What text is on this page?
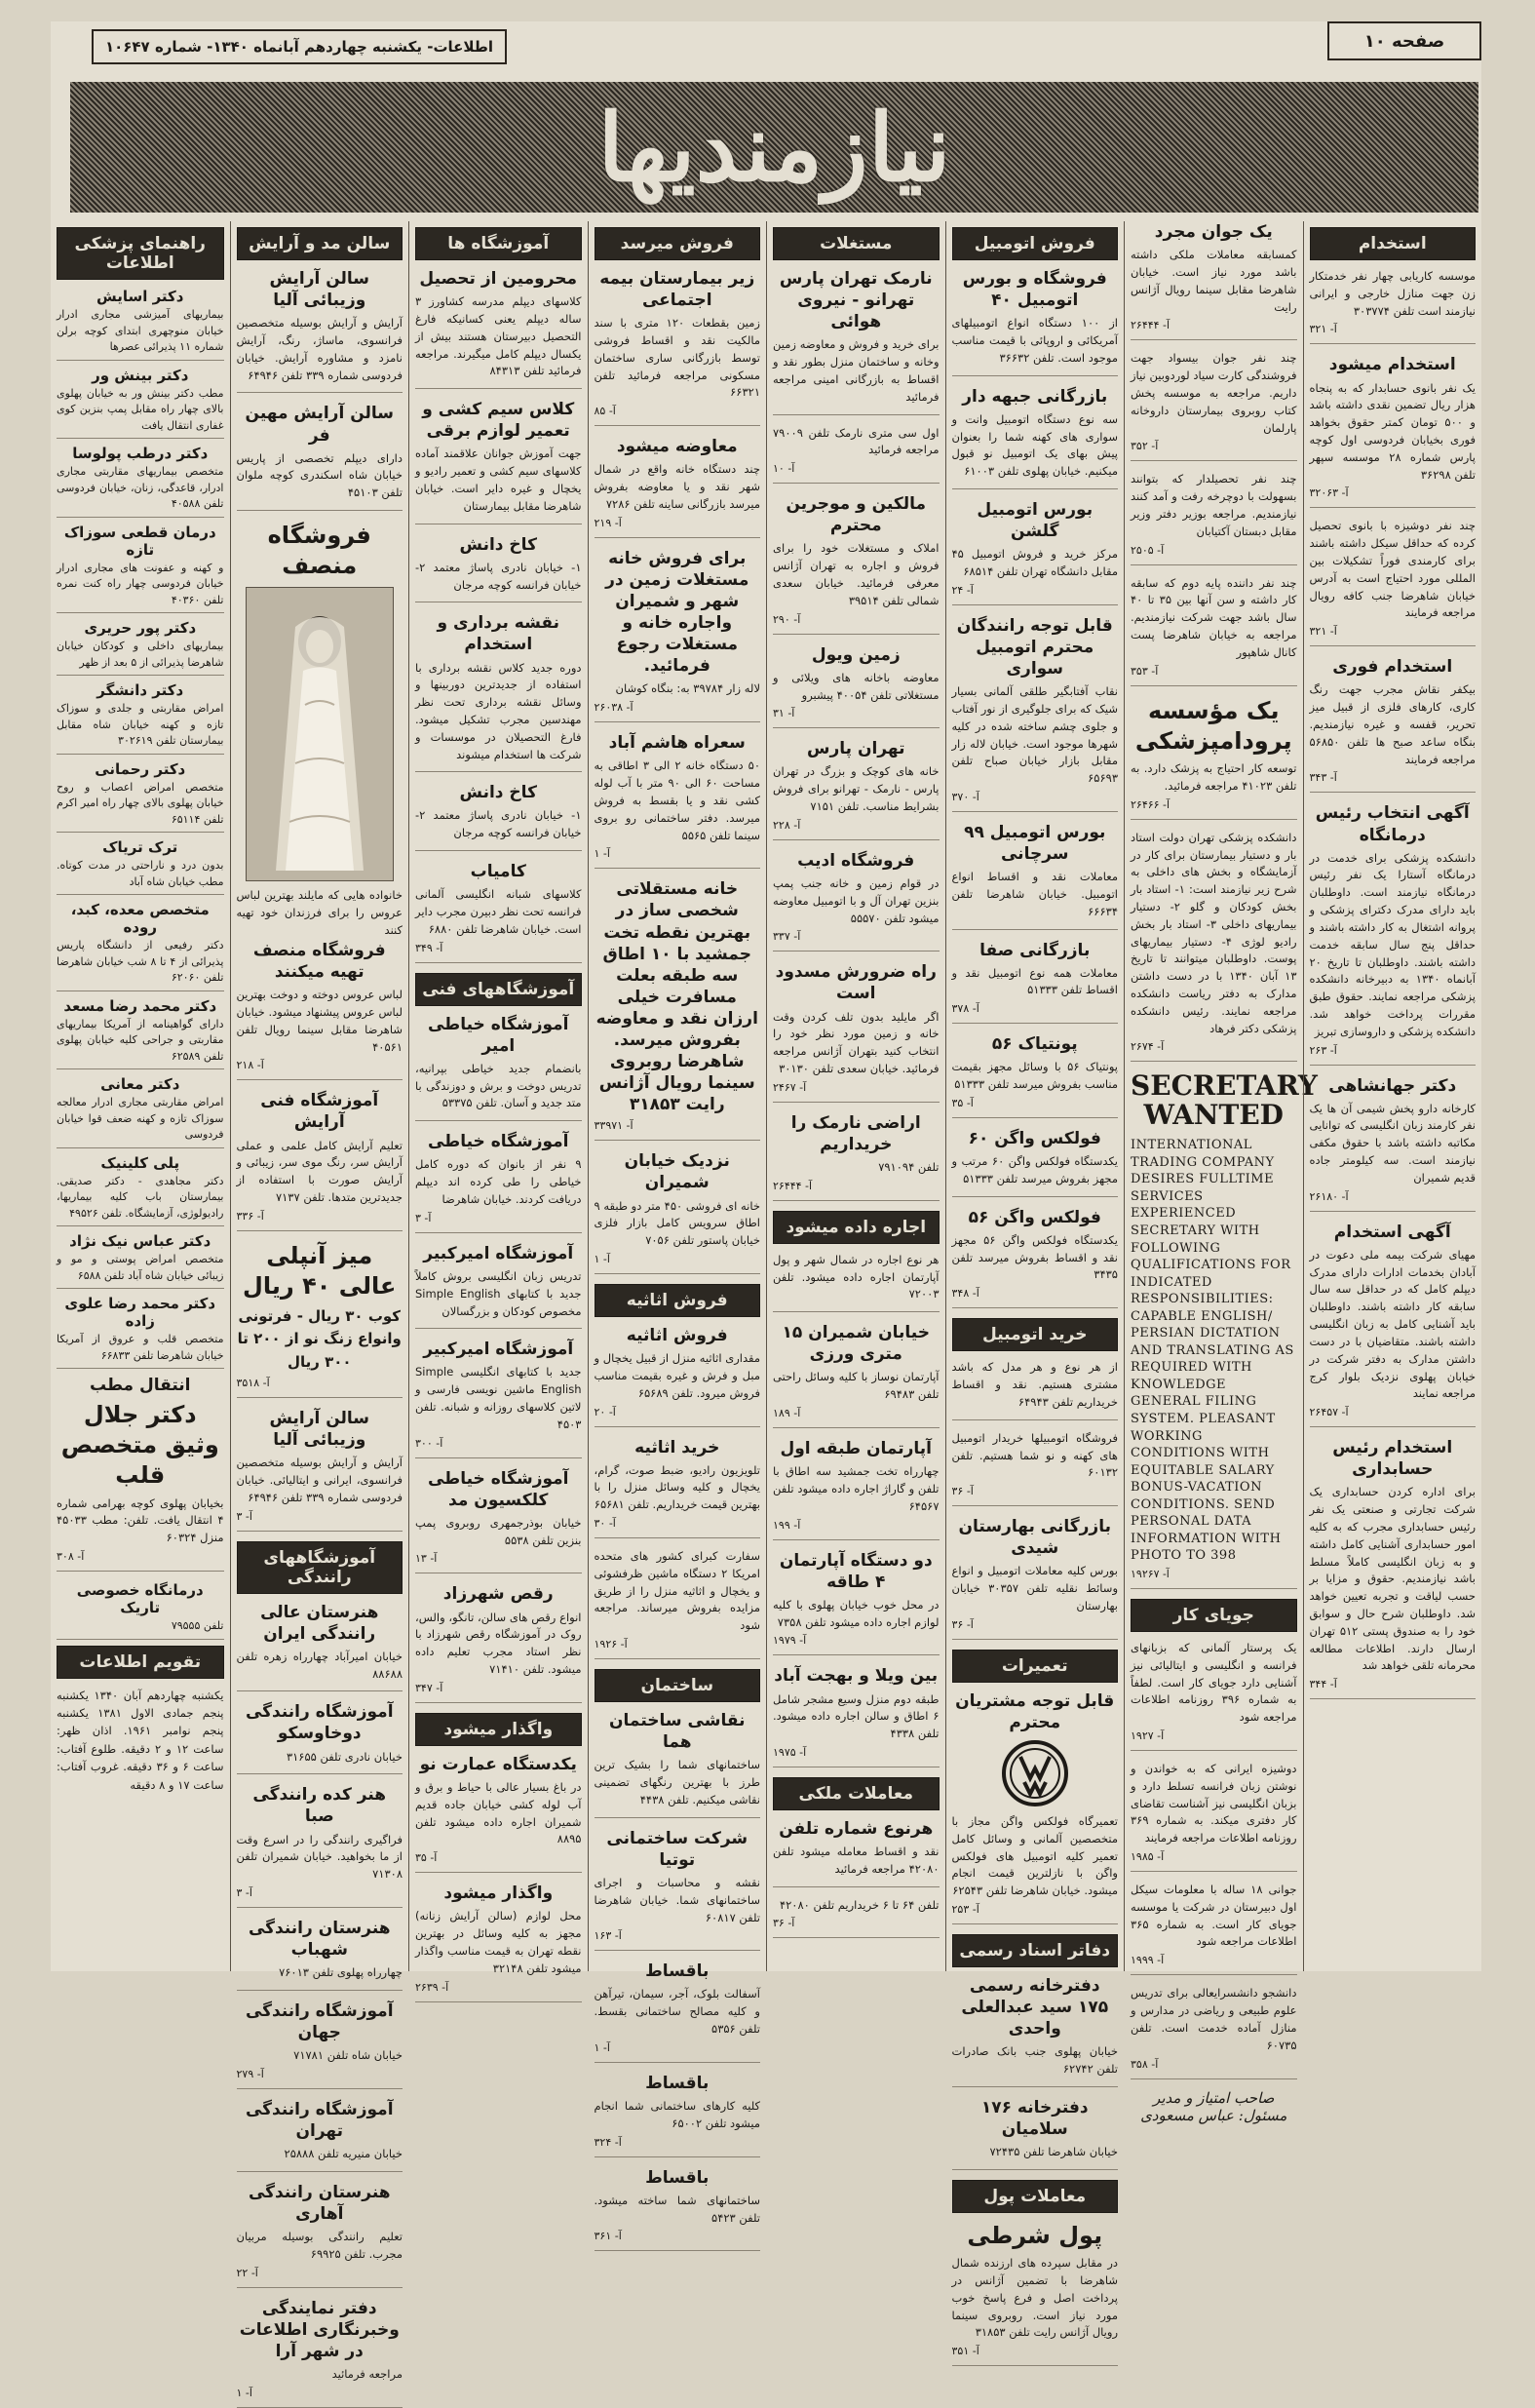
صفحه ۱۰
اطلاعات- یکشنبه چهاردهم آبانماه ۱۳۴۰- شماره ۱۰۶۴۷
نیازمندیها
استخدام

موسسه کاریابی چهار نفر خدمتکار زن جهت منازل خارجی و ایرانی نیازمند است تلفن ۳۰۳۷۷۴

آ- ۳۲۱
استخدام میشود

یک نفر بانوی حسابدار که به پنجاه هزار ریال تضمین نقدی داشته باشد و ۵۰۰ تومان کمتر حقوق بخواهد فوری بخیابان فردوسی اول کوچه پارس شماره ۲۸ موسسه سپهر تلفن ۳۶۲۹۸

آ- ۳۲۰۶۳

چند نفر دوشیزه با بانوی تحصیل کرده که حداقل سیکل داشته باشند برای کارمندی فوراً تشکیلات بین المللی مورد احتیاج است به آدرس خیابان شاهرضا جنب کافه رویال مراجعه فرمایند

آ- ۳۲۱
استخدام فوری

بیکفر نقاش مجرب جهت رنگ کاری، کارهای فلزی از قبیل میز تحریر، قفسه و غیره نیازمندیم. بنگاه ساعد صبح ها تلفن ۵۶۸۵۰ مراجعه فرمایند

آ- ۳۴۳
آگهی انتخاب رئیس درمانگاه

دانشکده پزشکی برای خدمت در درمانگاه آستارا یک نفر رئیس درمانگاه نیازمند است. داوطلبان باید دارای مدرک دکترای پزشکی و پروانه اشتغال به کار داشته باشند و حداقل پنج سال سابقه خدمت داشته باشند. داوطلبان تا تاریخ ۲۰ آبانماه ۱۳۴۰ به دبیرخانه دانشکده پزشکی مراجعه نمایند. حقوق طبق مقررات پرداخت خواهد شد. دانشکده پزشکی و داروسازی تبریز

آ- ۲۶۳
دکتر جهانشاهی

کارخانه دارو پخش شیمی آن ها یک نفر کارمند زبان انگلیسی که توانایی مکاتبه داشته باشد با حقوق مکفی نیازمند است. سه کیلومتر جاده قدیم شمیران

آ- ۲۶۱۸۰
آگهی استخدام

مهیای شرکت بیمه ملی دعوت در آبادان بخدمات ادارات دارای مدرک دیپلم کامل که در حداقل سه سال سابقه کار داشته باشند. داوطلبان باید آشنایی کامل به زبان انگلیسی داشته باشند. متقاضیان با در دست داشتن مدارک به دفتر شرکت در خیابان پهلوی نزدیک بلوار کرج مراجعه نمایند

آ- ۲۶۴۵۷
استخدام رئیس حسابداری

برای اداره کردن حسابداری یک شرکت تجارتی و صنعتی یک نفر رئیس حسابداری مجرب که به کلیه امور حسابداری آشنایی کامل داشته و به زبان انگلیسی کاملاً مسلط باشد نیازمندیم. حقوق و مزایا بر حسب لیاقت و تجربه تعیین خواهد شد. داوطلبان شرح حال و سوابق خود را به صندوق پستی ۵۱۲ تهران ارسال دارند. اطلاعات مطالعه محرمانه تلقی خواهد شد

آ- ۳۴۴
یک جوان مجرد

کمسابقه معاملات ملکی داشته باشد مورد نیاز است. خیابان شاهرضا مقابل سینما رویال آژانس رایت

آ- ۲۶۴۴۴

چند نفر جوان بیسواد جهت فروشندگی کارت سیاد لوردوبین نیاز داریم. مراجعه به موسسه پخش کتاب روبروی بیمارستان داروخانه پارلمان

آ- ۳۵۲

چند نفر تحصیلدار که بتوانند بسهولت با دوچرخه رفت و آمد کنند نیازمندیم. مراجعه بوزیر دفتر وزیر مقابل دبستان آکتیابان

آ- ۲۵۰۵

چند نفر داننده پایه دوم که سابقه کار داشته و سن آنها بین ۳۵ تا ۴۰ سال باشد جهت شرکت نیازمندیم. مراجعه به خیابان شاهرضا پست کانال شاهپور

آ- ۳۵۳
یک مؤسسه پرودامپزشکی

توسعه کار احتیاج به پزشک دارد. به تلفن ۴۱۰۲۳ مراجعه فرمائید.

آ- ۲۶۴۶۶

دانشکده پزشکی تهران دولت استاد بار و دستیار بیمارستان برای کار در آزمایشگاه و بخش های داخلی به شرح زیر نیازمند است: ۱- استاد بار بخش کودکان و گلو ۲- دستیار بیماریهای داخلی ۳- استاد بار بخش رادیو لوژی ۴- دستیار بیماریهای پوست. داوطلبان میتوانند تا تاریخ ۱۳ آبان ۱۳۴۰ با در دست داشتن مدارک به دفتر ریاست دانشکده مراجعه نمایند. رئیس دانشکده پزشکی دکتر فرهاد

آ- ۲۶۷۴
SECRETARY WANTED

INTERNATIONAL TRADING COMPANY DESIRES FULLTIME SERVICES EXPERIENCED SECRETARY WITH FOLLOWING QUALIFICATIONS FOR INDICATED RESPONSIBILITIES: CAPABLE ENGLISH/ PERSIAN DICTATION AND TRANSLATING AS REQUIRED WITH KNOWLEDGE GENERAL FILING SYSTEM. PLEASANT WORKING CONDITIONS WITH EQUITABLE SALARY BONUS-VACATION CONDITIONS. SEND PERSONAL DATA INFORMATION WITH PHOTO TO 398

آ- ۱۹۲۶۷
جویای کار

یک پرستار آلمانی که بزبانهای فرانسه و انگلیسی و ایتالیائی نیز آشنایی دارد جویای کار است. لطفاً به شماره ۳۹۶ روزنامه اطلاعات مراجعه شود

آ- ۱۹۲۷

دوشیزه ایرانی که به خواندن و نوشتن زبان فرانسه تسلط دارد و بزبان انگلیسی نیز آشناست تقاضای کار دفتری میکند. به شماره ۳۶۹ روزنامه اطلاعات مراجعه فرمایند

آ- ۱۹۸۵

جوانی ۱۸ ساله با معلومات سیکل اول دبیرستان در شرکت یا موسسه جویای کار است. به شماره ۳۶۵ اطلاعات مراجعه شود

آ- ۱۹۹۹

دانشجو دانشسرایعالی برای تدریس علوم طبیعی و ریاضی در مدارس و منازل آماده خدمت است. تلفن ۶۰۷۳۵

آ- ۳۵۸
صاحب امتیاز و مدیر مسئول: عباس مسعودی
فروش اتومبیل
فروشگاه و بورس اتومبیل ۴۰

از ۱۰۰ دستگاه انواع اتومبیلهای آمریکائی و اروپائی با قیمت مناسب موجود است. تلفن ۳۶۶۳۲

بازرگانی جبهه دار

سه نوع دستگاه اتومبیل وانت و سواری های کهنه شما را بعنوان پیش بهای یک اتومبیل نو قبول میکنیم. خیابان پهلوی تلفن ۶۱۰۰۳

بورس اتومبیل گلشن

مرکز خرید و فروش اتومبیل ۴۵ مقابل دانشگاه تهران تلفن ۶۸۵۱۴

آ- ۲۴
قابل توجه رانندگان محترم اتومبیل سواری

نقاب آفتابگیر طلقی آلمانی بسیار شیک که برای جلوگیری از نور آفتاب و جلوی چشم ساخته شده در کلیه شهرها موجود است. خیابان لاله زار مقابل بازار خیابان صباح تلفن ۶۵۶۹۳

آ- ۳۷۰
بورس اتومبیل ۹۹ سرچانی

معاملات نقد و اقساط انواع اتومبیل. خیابان شاهرضا تلفن ۶۶۶۳۴

بازرگانی صفا

معاملات همه نوع اتومبیل نقد و اقساط تلفن ۵۱۳۳۳

آ- ۳۷۸
پونتیاک ۵۶

پونتیاک ۵۶ با وسائل مجهز بقیمت مناسب بفروش میرسد تلفن ۵۱۳۳۳

آ- ۳۵
فولکس واگن ۶۰

یکدستگاه فولکس واگن ۶۰ مرتب و مجهز بفروش میرسد تلفن ۵۱۳۳۳

فولکس واگن ۵۶

یکدستگاه فولکس واگن ۵۶ مجهز نقد و اقساط بفروش میرسد تلفن ۳۴۳۵

آ- ۳۴۸
خرید اتومبیل

از هر نوع و هر مدل که باشد مشتری هستیم. نقد و اقساط خریداریم تلفن ۶۴۹۴۳

فروشگاه اتومبیلها خریدار اتومبیل های کهنه و نو شما هستیم. تلفن ۶۰۱۳۲

آ- ۳۶
بازرگانی بهارستان شیدی

بورس کلیه معاملات اتومبیل و انواع وسائط نقلیه تلفن ۳۰۳۵۷ خیابان بهارستان

آ- ۳۶
تعمیرات
قابل توجه مشتریان محترم

تعمیرگاه فولکس واگن مجاز با متخصصین آلمانی و وسائل کامل تعمیر کلیه اتومبیل های فولکس واگن با نازلترین قیمت انجام میشود. خیابان شاهرضا تلفن ۶۲۵۴۳

آ- ۲۵۳
دفاتر اسناد رسمی
دفترخانه رسمی ۱۷۵ سید عبدالعلی واحدی

خیابان پهلوی جنب بانک صادرات تلفن ۶۲۷۴۲

دفترخانه ۱۷۶ سلامیان

خیابان شاهرضا تلفن ۷۲۴۳۵

معاملات پول
پول شرطی

در مقابل سپرده های ارزنده شمال شاهرضا با تضمین آژانس در پرداخت اصل و فرع پاسخ خوب مورد نیاز است. روبروی سینما رویال آژانس رایت تلفن ۳۱۸۵۳

آ- ۳۵۱
مستغلات
نارمک تهران پارس تهرانو - نیروی هوائی

برای خرید و فروش و معاوضه زمین وخانه و ساختمان منزل بطور نقد و اقساط به بازرگانی امینی مراجعه فرمائید

اول سی متری نارمک تلفن ۷۹۰۰۹ مراجعه فرمائید

آ- ۱۰
مالکین و موجرین محترم

املاک و مستغلات خود را برای فروش و اجاره به تهران آژانس معرفی فرمائید. خیابان سعدی شمالی تلفن ۳۹۵۱۴

آ- ۲۹۰
زمین ویول

معاوضه باخانه های ویلائی و مستغلاتی تلفن ۴۰۰۵۴ پیشبرو

آ- ۳۱
تهران پارس

خانه های کوچک و بزرگ در تهران پارس - نارمک - تهرانو برای فروش بشرایط مناسب. تلفن ۷۱۵۱

آ- ۲۲۸
فروشگاه ادیب

در قوام زمین و خانه جنب پمپ بنزین تهران آل و با اتومبیل معاوضه میشود تلفن ۵۵۵۷۰

آ- ۳۳۷
راه ضرورش مسدود است

اگر مایلید بدون تلف کردن وقت خانه و زمین مورد نظر خود را انتخاب کنید بتهران آژانس مراجعه فرمائید. خیابان سعدی تلفن ۳۰۱۳۰

آ- ۲۴۶۷
اراضی نارمک را خریداریم

تلفن ۷۹۱۰۹۴

آ- ۲۶۴۴۴
اجاره داده میشود

هر نوع اجاره در شمال شهر و پول آپارتمان اجاره داده میشود. تلفن ۷۲۰۰۳

خیابان شمیران ۱۵ متری ورزی

آپارتمان نوساز با کلیه وسائل راحتی تلفن ۶۹۴۸۳

آ- ۱۸۹
آپارتمان طبقه اول

چهارراه تخت جمشید سه اطاق با تلفن و گاراژ اجاره داده میشود تلفن ۶۴۵۶۷

آ- ۱۹۹
دو دستگاه آپارتمان ۴ طاقه

در محل خوب خیابان پهلوی با کلیه لوازم اجاره داده میشود تلفن ۷۳۵۸

آ- ۱۹۷۹
بین ویلا و بهجت آباد

طبقه دوم منزل وسیع مشجر شامل ۶ اطاق و سالن اجاره داده میشود. تلفن ۴۳۳۸

آ- ۱۹۷۵
معاملات ملکی
هرنوع شماره تلفن

نقد و اقساط معامله میشود تلفن ۴۲۰۸۰ مراجعه فرمائید

تلفن ۶۴ تا ۶ خریداریم تلفن ۴۲۰۸۰

آ- ۳۶
فروش میرسد
زیر بیمارستان بیمه اجتماعی

زمین بقطعات ۱۲۰ متری با سند مالکیت نقد و اقساط فروشی توسط بازرگانی ساری ساختمان مسکونی مراجعه فرمائید تلفن ۶۶۳۲۱

آ- ۸۵
معاوضه میشود

چند دستگاه خانه واقع در شمال شهر نقد و یا معاوضه بفروش میرسد بازرگانی ساینه تلفن ۷۲۸۶

آ- ۲۱۹
برای فروش خانه مستغلات زمین در شهر و شمیران واجاره خانه و مستغلات رجوع فرمائید.

لاله زار ۳۹۷۸۴ به: بنگاه کوشان

آ- ۲۶۰۳۸
سعراه هاشم آباد

۵۰ دستگاه خانه ۲ الی ۳ اطاقی به مساحت ۶۰ الی ۹۰ متر با آب لوله کشی نقد و یا بقسط به فروش میرسد. دفتر ساختمانی رو بروی سینما تلفن ۵۵۶۵

آ- ۱
خانه مستقلاتی شخصی ساز در بهترین نقطه تخت جمشید با ۱۰ اطاق سه طبقه بعلت مسافرت خیلی ارزان نقد و معاوضه بفروش میرسد. شاهرضا روبروی سینما رویال آژانس رایت ۳۱۸۵۳
آ- ۳۳۹۷۱
نزدیک خیابان شمیران

خانه ای فروشی ۴۵۰ متر دو طبقه ۹ اطاق سرویس کامل بازار فلزی خیابان پاستور تلفن ۷۰۵۶

آ- ۱
فروش اثاثیه
فروش اثاثیه

مقداری اثاثیه منزل از قبیل یخچال و مبل و فرش و غیره بقیمت مناسب فروش میرود. تلفن ۶۵۶۸۹

آ- ۲۰
خرید اثاثیه

تلویزیون رادیو، ضبط صوت، گرام، یخچال و کلیه وسائل منزل را با بهترین قیمت خریداریم. تلفن ۶۵۶۸۱

آ- ۳۰

سفارت کبرای کشور های متحده امریکا ۲ دستگاه ماشین ظرفشوئی و یخچال و اثاثیه منزل را از طریق مزایده بفروش میرساند. مراجعه شود

آ- ۱۹۲۶
ساختمان
نقاشی ساختمان هما

ساختمانهای شما را بشیک ترین طرز با بهترین رنگهای تضمینی نقاشی میکنیم. تلفن ۴۴۳۸

شرکت ساختمانی توتیا

نقشه و محاسبات و اجرای ساختمانهای شما. خیابان شاهرضا تلفن ۶۰۸۱۷

آ- ۱۶۳
باقساط

آسفالت بلوک، آجر، سیمان، تیرآهن و کلیه مصالح ساختمانی بقسط. تلفن ۵۳۵۶

آ- ۱
باقساط

کلیه کارهای ساختمانی شما انجام میشود تلفن ۶۵۰۰۲

آ- ۳۲۴
باقساط

ساختمانهای شما ساخته میشود. تلفن ۵۴۲۳

آ- ۳۶۱
آموزشگاه ها
محرومین از تحصیل

کلاسهای دیپلم مدرسه کشاورز ۳ ساله دیپلم یعنی کسانیکه فارغ التحصیل دبیرستان هستند بیش از یکسال دیپلم کامل میگیرند. مراجعه فرمائید تلفن ۸۴۳۱۳

کلاس سیم کشی و تعمیر لوازم برقی

جهت آموزش جوانان علاقمند آماده کلاسهای سیم کشی و تعمیر رادیو و یخچال و غیره دایر است. خیابان شاهرضا مقابل بیمارستان

کاخ دانش

۱- خیابان نادری پاساژ معتمد ۲- خیابان فرانسه کوچه مرجان

نقشه برداری و استخدام

دوره جدید کلاس نقشه برداری با استفاده از جدیدترین دوربینها و وسائل نقشه برداری تحت نظر مهندسین مجرب تشکیل میشود. فارغ التحصیلان در موسسات و شرکت ها استخدام میشوند

کاخ دانش

۱- خیابان نادری پاساژ معتمد ۲- خیابان فرانسه کوچه مرجان

کامیاب

کلاسهای شبانه انگلیسی آلمانی فرانسه تحت نظر دبیرن مجرب دایر است. خیابان شاهرضا تلفن ۶۸۸۰

آ- ۳۴۹
آموزشگاههای فنی
آموزشگاه خیاطی امیر

بانضمام جدید خیاطی بپرانیه، تدریس دوخت و برش و دوزندگی با متد جدید و آسان. تلفن ۵۳۳۷۵

آموزشگاه خیاطی

۹ نفر از بانوان که دوره کامل خیاطی را طی کرده اند دیپلم دریافت کردند. خیابان شاهرضا

آ- ۳
آموزشگاه امیرکبیر

تدریس زبان انگلیسی بروش کاملاً جدید با کتابهای Simple English مخصوص کودکان و بزرگسالان

آموزشگاه امیرکبیر

جدید با کتابهای انگلیسی Simple English ماشین نویسی فارسی و لاتین کلاسهای روزانه و شبانه. تلفن ۴۵۰۳

آ- ۳۰۰
آموزشگاه خیاطی کلکسیون مد

خیابان بوذرجمهری روبروی پمپ بنزین تلفن ۵۵۳۸

آ- ۱۳
رقص شهرزاد

انواع رقص های سالن، تانگو، والس، روک در آموزشگاه رقص شهرزاد با نظر استاد مجرب تعلیم داده میشود. تلفن ۷۱۴۱۰

آ- ۳۴۷
واگذار میشود
یکدستگاه عمارت نو

در باغ بسیار عالی با حیاط و برق و آب لوله کشی خیابان جاده قدیم شمیران اجاره داده میشود تلفن ۸۸۹۵

آ- ۳۵
واگذار میشود

محل لوازم (سالن آرایش زنانه) مجهز به کلیه وسائل در بهترین نقطه تهران به قیمت مناسب واگذار میشود تلفن ۳۲۱۴۸

آ- ۲۶۳۹
سالن مد و آرایش
سالن آرایش وزیبائی آلیا

آرایش و آرایش بوسیله متخصصین فرانسوی، ماساژ، رنگ، آرایش نامزد و مشاوره آرایش. خیابان فردوسی شماره ۳۳۹ تلفن ۶۴۹۴۶

سالن آرایش مهین فر

دارای دیپلم تخصصی از پاریس خیابان شاه اسکندری کوچه ملوان تلفن ۴۵۱۰۳

فروشگاه منصف

خانواده هایی که مایلند بهترین لباس عروس را برای فرزندان خود تهیه کنند

فروشگاه منصف تهیه میکنند

لباس عروس دوخته و دوخت بهترین لباس عروس پیشنهاد میشود. خیابان شاهرضا مقابل سینما رویال تلفن ۴۰۵۶۱

آ- ۲۱۸
آموزشگاه فنی آرایش

تعلیم آرایش کامل علمی و عملی آرایش سر، رنگ موی سر، زیبائی و آرایش صورت با استفاده از جدیدترین متدها. تلفن ۷۱۳۷

آ- ۳۳۶
میز آنپلی عالی ۴۰ ریال

کوب ۳۰ ریال - فرتونی وانواع زنگ نو از ۲۰۰ تا ۳۰۰ ریال

آ- ۳۵۱۸
سالن آرایش وزیبائی آلیا

آرایش و آرایش بوسیله متخصصین فرانسوی، ایرانی و ایتالیائی. خیابان فردوسی شماره ۳۳۹ تلفن ۶۴۹۴۶

آ- ۳
آموزشگاههای رانندگی
هنرستان عالی رانندگی ایران

خیابان امیرآباد چهارراه زهره تلفن ۸۸۶۸۸

آموزشگاه رانندگی دوخاوسکو

خیابان نادری تلفن ۳۱۶۵۵

هنر کده رانندگی صبا

فراگیری رانندگی را در اسرع وقت از ما بخواهید. خیابان شمیران تلفن ۷۱۳۰۸

آ- ۳
هنرستان رانندگی شهباب

چهارراه پهلوی تلفن ۷۶۰۱۳

آموزشگاه رانندگی جهان

خیابان شاه تلفن ۷۱۷۸۱

آ- ۲۷۹
آموزشگاه رانندگی تهران

خیابان منیریه تلفن ۲۵۸۸۸

هنرستان رانندگی آهاری

تعلیم رانندگی بوسیله مربیان مجرب. تلفن ۶۹۹۲۵

آ- ۲۲
دفتر نمایندگی وخبرنگاری اطلاعات در شهر آرا

مراجعه فرمائید

آ- ۱
راهنمای پزشکی اطلاعات
دکتر اسایش

بیماریهای آمیزشی مجاری ادرار خیابان منوچهری ابتدای کوچه برلن شماره ۱۱ پذیرائی عصرها

دکتر بینش ور

مطب دکتر بینش ور به خیابان پهلوی بالای چهار راه مقابل پمپ بنزین کوی غفاری انتقال یافت

دکتر درطب پولوسا

متخصص بیماریهای مقاربتی مجاری ادرار، قاعدگی، زنان، خیابان فردوسی تلفن ۴۰۵۸۸

درمان قطعی سوزاک تازه

و کهنه و عفونت های مجاری ادرار خیابان فردوسی چهار راه کنت نمره تلفن ۴۰۳۶۰

دکتر پور حریری

بیماریهای داخلی و کودکان خیابان شاهرضا پذیرائی از ۵ بعد از ظهر

دکتر دانشگر

امراض مقاربتی و جلدی و سوزاک تازه و کهنه خیابان شاه مقابل بیمارستان تلفن ۳۰۲۶۱۹

دکتر رحمانی

متخصص امراض اعصاب و روح خیابان پهلوی بالای چهار راه امیر اکرم تلفن ۶۵۱۱۴

ترک تریاک

بدون درد و ناراحتی در مدت کوتاه. مطب خیابان شاه آباد

متخصص معده، کبد، روده

دکتر رفیعی از دانشگاه پاریس پذیرائی از ۴ تا ۸ شب خیابان شاهرضا تلفن ۶۲۰۶۰

دکتر محمد رضا مسعد

دارای گواهینامه از آمریکا بیماریهای مقاربتی و جراحی کلیه خیابان پهلوی تلفن ۶۲۵۸۹

دکتر معانی

امراض مقاربتی مجاری ادرار معالجه سوزاک تازه و کهنه ضعف قوا خیابان فردوسی

پلی کلینیک

دکتر مجاهدی - دکتر صدیقی. بیمارستان باب کلیه بیماریها، رادیولوژی، آزمایشگاه. تلفن ۴۹۵۲۶

دکتر عباس نیک نژاد

متخصص امراض پوستی و مو و زیبائی خیابان شاه آباد تلفن ۶۵۸۸

دکتر محمد رضا علوی زاده

متخصص قلب و عروق از آمریکا خیابان شاهرضا تلفن ۶۶۸۳۳

انتقال مطب
دکتر جلال وثیق متخصص قلب

بخیابان پهلوی کوچه بهرامی شماره ۴ انتقال یافت. تلفن: مطب ۴۵۰۳۳ منزل ۶۰۳۲۴

آ- ۳۰۸
درمانگاه خصوصی تاریک

تلفن ۷۹۵۵۵

تقویم اطلاعات

یکشنبه چهاردهم آبان ۱۳۴۰ یکشنبه پنجم جمادی الاول ۱۳۸۱ یکشنبه پنجم نوامبر ۱۹۶۱. اذان ظهر: ساعت ۱۲ و ۲ دقیقه. طلوع آفتاب: ساعت ۶ و ۳۶ دقیقه. غروب آفتاب: ساعت ۱۷ و ۸ دقیقه
